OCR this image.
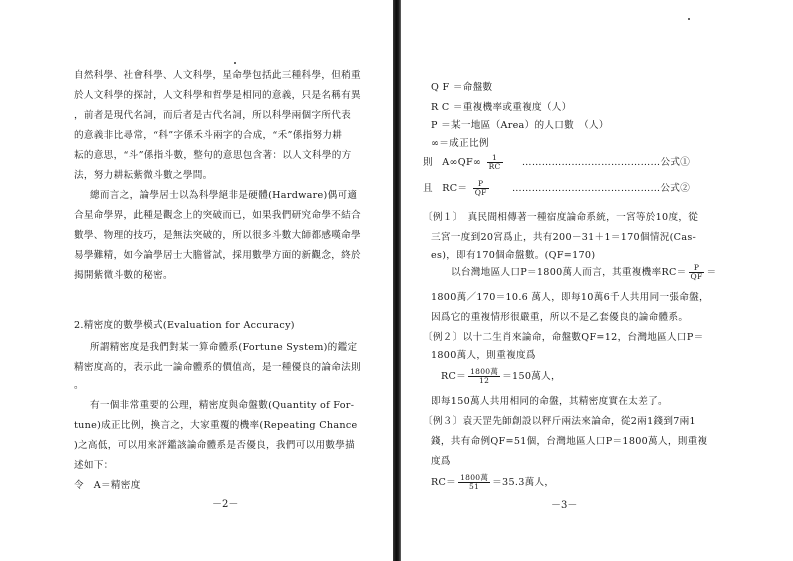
自然科學、社會科學、人文科學，星命學包括此三種科學，但稍重
於人文科學的探討，人文科學和哲學是相同的意義，只是名稱有異
，前者是現代名詞，而后者是古代名詞，所以科學兩個字所代表
的意義非比尋常，“科”字係禾斗兩字的合成，“禾”係指努力耕
耘的意思，“斗”係指斗數，整句的意思包含著：以人文科學的方
法，努力耕耘紫微斗數之學問。
總而言之，論學居士以為科學絕非是硬體(Hardware)偶可適
合星命學界，此種是觀念上的突破而已，如果我們研究命學不結合
數學、物理的技巧，是無法突破的，所以很多斗數大師都感嘆命學
易學難精，如今論學居士大膽嘗試，採用數學方面的新觀念，終於
揭開紫微斗數的秘密。
2.精密度的數學模式(Evaluation for Accuracy)
所謂精密度是我們對某一算命體系(Fortune System)的鑑定
精密度高的，表示此一論命體系的價值高，是一種優良的論命法則
。
有一個非常重要的公理，精密度與命盤數(Quantity of For-
tune)成正比例，換言之，大家重覆的機率(Repeating Chance
)之高低，可以用來評鑑該論命體系是否優良，我們可以用數學描
述如下：
令　A＝精密度
－2－
Q F ＝命盤數
R C ＝重複機率或重複度（人）
P ＝某一地區（Area）的人口數　（人）
∞＝成正比例
則 $A\infty QF\infty \frac{1}{RC}$ ……………………………………公式①
且 $RC= \frac{P}{QF}$ ………………………………………公式②
〔例１〕　真民間相傳著一種宿度論命系統，一宮等於10度，從
三宮一度到20宮爲止，共有200－31＋1＝170個情況(Cas-
es)，即有170個命盤數。(QF=170)
以台灣地區人口P＝1800萬人而言，其重複機率$RC= \frac{P}{QF}$ ＝
1800萬／170＝10.6 萬人，即每10萬6千人共用同一張命盤，
因爲它的重複情形很嚴重，所以不是乙套優良的論命體系。
〔例２〕以十二生肖來論命，命盤數QF=12，台灣地區人口P＝
1800萬人，則重複度爲
$RC= \frac{\text{1800萬}}{12} =150$萬人，
即每150萬人共用相同的命盤，其精密度實在太差了。
〔例３〕袁天罡先師創設以秤斤兩法來論命，從2兩1錢到7兩1
錢，共有命例QF=51個，台灣地區人口P＝1800萬人，則重複
度爲
$RC= \frac{\text{1800萬}}{51} =35.3$萬人，
－3－
